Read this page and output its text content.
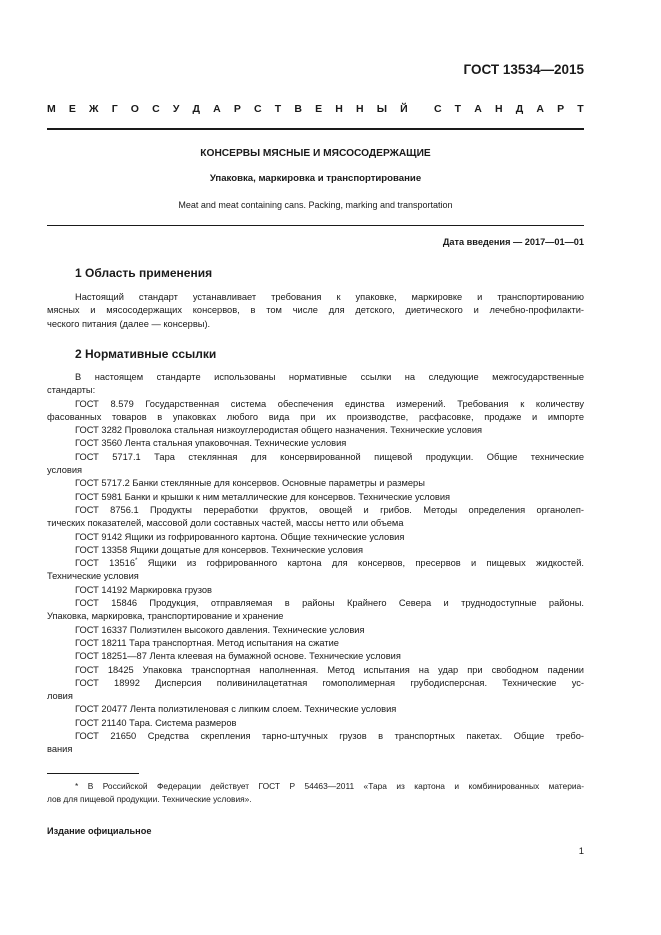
ГОСТ 13534—2015
М Е Ж Г О С У Д А Р С Т В Е Н Н Ы Й	С Т А Н Д А Р Т
КОНСЕРВЫ МЯСНЫЕ И МЯСОСОДЕРЖАЩИЕ
Упаковка, маркировка и транспортирование
Meat and meat containing cans. Packing, marking and transportation
Дата введения — 2017—01—01
1 Область применения
Настоящий стандарт устанавливает требования к упаковке, маркировке и транспортированию
мясных и мясосодержащих консервов, в том числе для детского, диетического и лечебно-профилакти-
ческого питания (далее — консервы).
2 Нормативные ссылки
В настоящем стандарте использованы нормативные ссылки на следующие межгосударственные
стандарты:
ГОСТ 8.579 Государственная система обеспечения единства измерений. Требования к количеству
фасованных товаров в упаковках любого вида при их производстве, расфасовке, продаже и импорте
ГОСТ 3282 Проволока стальная низкоуглеродистая общего назначения. Технические условия
ГОСТ 3560 Лента стальная упаковочная. Технические условия
ГОСТ 5717.1 Тара стеклянная для консервированной пищевой продукции. Общие технические
условия
ГОСТ 5717.2 Банки стеклянные для консервов. Основные параметры и размеры
ГОСТ 5981 Банки и крышки к ним металлические для консервов. Технические условия
ГОСТ 8756.1 Продукты переработки фруктов, овощей и грибов. Методы определения органолеп-
тических показателей, массовой доли составных частей, массы нетто или объема
ГОСТ 9142 Ящики из гофрированного картона. Общие технические условия
ГОСТ 13358 Ящики дощатые для консервов. Технические условия
ГОСТ 13516* Ящики из гофрированного картона для консервов, пресервов и пищевых жидкостей.
Технические условия
ГОСТ 14192 Маркировка грузов
ГОСТ 15846 Продукция, отправляемая в районы Крайнего Севера и труднодоступные районы.
Упаковка, маркировка, транспортирование и хранение
ГОСТ 16337 Полиэтилен высокого давления. Технические условия
ГОСТ 18211 Тара транспортная. Метод испытания на сжатие
ГОСТ 18251—87 Лента клеевая на бумажной основе. Технические условия
ГОСТ 18425 Упаковка транспортная наполненная. Метод испытания на удар при свободном падении
ГОСТ 18992 Дисперсия поливинилацетатная гомополимерная грубодисперсная. Технические ус-
ловия
ГОСТ 20477 Лента полиэтиленовая с липким слоем. Технические условия
ГОСТ 21140 Тара. Система размеров
ГОСТ 21650 Средства скрепления тарно-штучных грузов в транспортных пакетах. Общие требо-
вания
* В Российской Федерации действует ГОСТ Р 54463—2011 «Тара из картона и комбинированных материа-
лов для пищевой продукции. Технические условия».
Издание официальное
1
